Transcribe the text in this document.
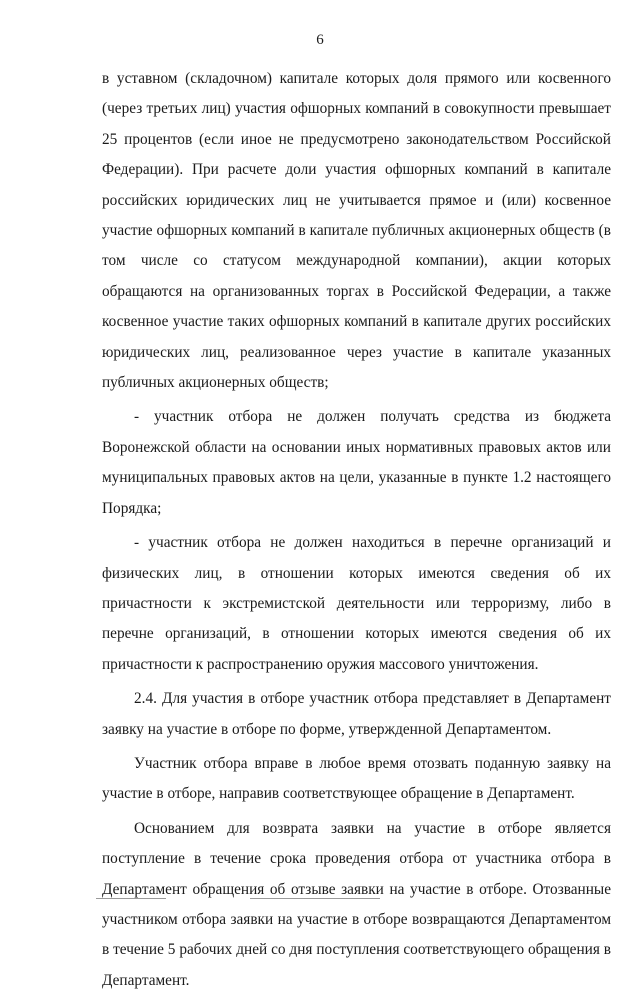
6

в уставном (складочном) капитале которых доля прямого или косвенного (через третьих лиц) участия офшорных компаний в совокупности превышает 25 процентов (если иное не предусмотрено законодательством Российской Федерации). При расчете доли участия офшорных компаний в капитале российских юридических лиц не учитывается прямое и (или) косвенное участие офшорных компаний в капитале публичных акционерных обществ (в том числе со статусом международной компании), акции которых обращаются на организованных торгах в Российской Федерации, а также косвенное участие таких офшорных компаний в капитале других российских юридических лиц, реализованное через участие в капитале указанных публичных акционерных обществ;

- участник отбора не должен получать средства из бюджета Воронежской области на основании иных нормативных правовых актов или муниципальных правовых актов на цели, указанные в пункте 1.2 настоящего Порядка;

- участник отбора не должен находиться в перечне организаций и физических лиц, в отношении которых имеются сведения об их причастности к экстремистской деятельности или терроризму, либо в перечне организаций, в отношении которых имеются сведения об их причастности к распространению оружия массового уничтожения.

2.4. Для участия в отборе участник отбора представляет в Департамент заявку на участие в отборе по форме, утвержденной Департаментом.

Участник отбора вправе в любое время отозвать поданную заявку на участие в отборе, направив соответствующее обращение в Департамент.

Основанием для возврата заявки на участие в отборе является поступление в течение срока проведения отбора от участника отбора в Департамент обращения об отзыве заявки на участие в отборе. Отозванные участником отбора заявки на участие в отборе возвращаются Департаментом в течение 5 рабочих дней со дня поступления соответствующего обращения в Департамент.
